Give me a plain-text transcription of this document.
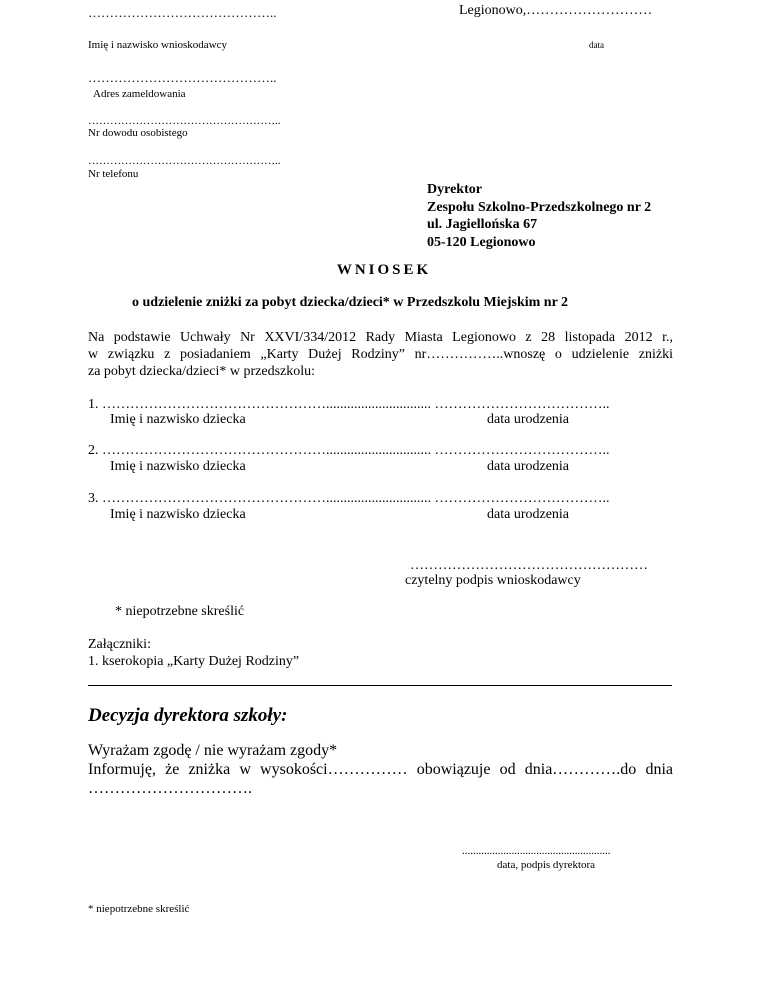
……………………………………..
Imię i nazwisko wnioskodawcy
Legionowo,………………………
data
……………………………………..
Adres zameldowania
……………………………………………..
Nr dowodu osobistego
……………………………………………..
Nr telefonu
Dyrektor
Zespołu Szkolno-Przedszkolnego nr 2
ul. Jagiellońska 67
05-120 Legionowo
WNIOSEK
o udzielenie zniżki za pobyt dziecka/dzieci* w Przedszkolu Miejskim nr 2
Na podstawie Uchwały Nr XXVI/334/2012 Rady Miasta Legionowo z 28 listopada 2012 r.,
w związku z posiadaniem „Karty Dużej Rodziny” nr……………..wnoszę o udzielenie zniżki
za pobyt dziecka/dzieci* w przedszkolu:
1. ………………………………………….............................. ………………………………..
Imię i nazwisko dziecka	data urodzenia
2. ………………………………………….............................. ………………………………..
Imię i nazwisko dziecka	data urodzenia
3. ………………………………………….............................. ………………………………..
Imię i nazwisko dziecka	data urodzenia
……………………………………………
czytelny podpis wnioskodawcy
* niepotrzebne skreślić
Załączniki:
1. kserokopia „Karty Dużej Rodziny”
Decyzja dyrektora szkoły:
Wyrażam zgodę / nie wyrażam zgody*
Informuję, że zniżka w wysokości…………… obowiązuje od dnia………….do dnia
………………………….
......................................................
data, podpis dyrektora
* niepotrzebne skreślić
